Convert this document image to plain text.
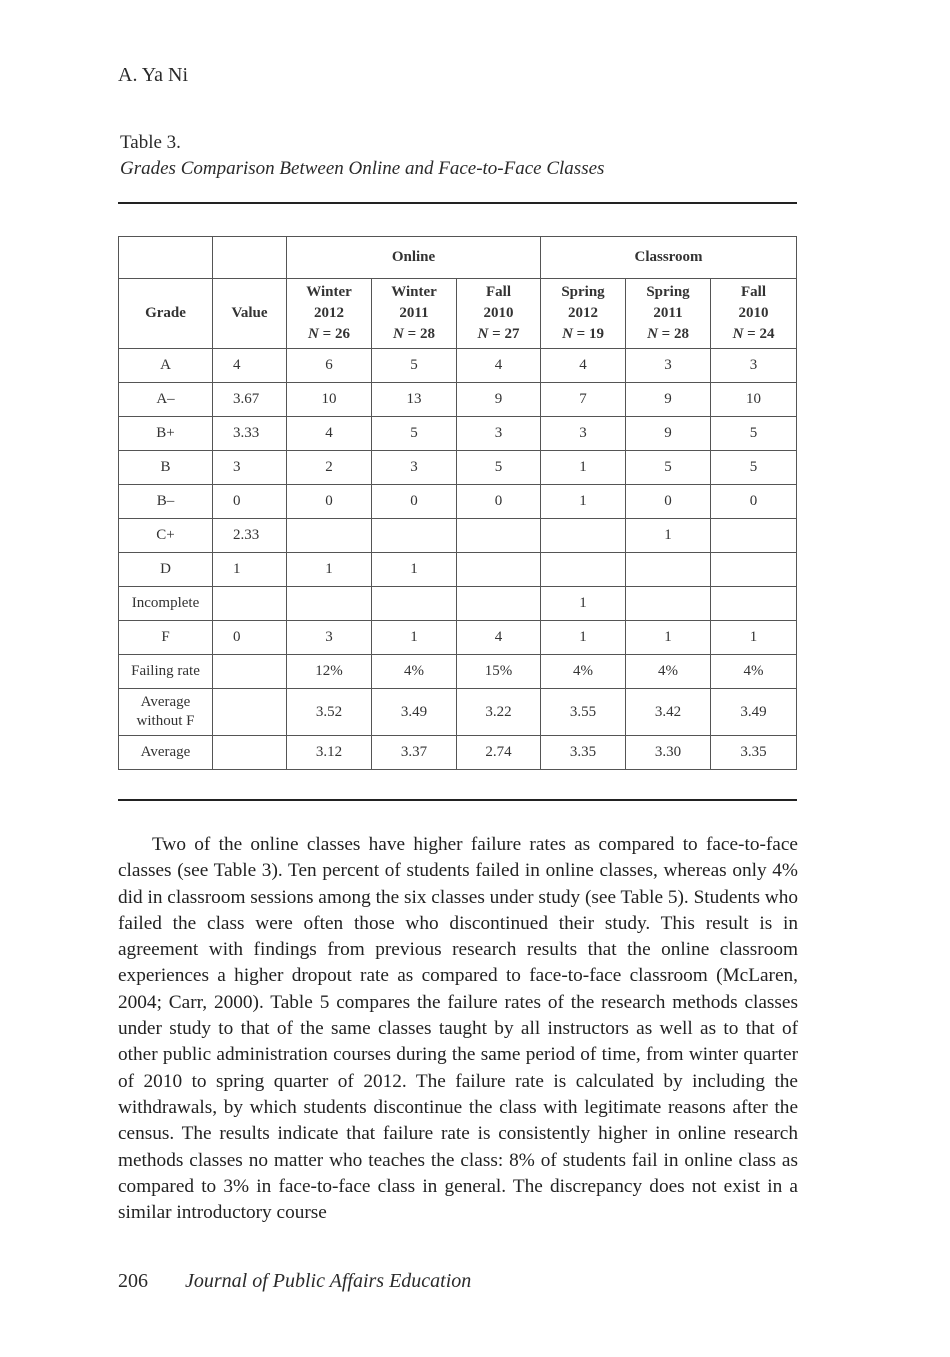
A. Ya Ni
Table 3.
Grades Comparison Between Online and Face-to-Face Classes
		Online			Classroom		
Grade	Value	Winter
2012
N = 26	Winter
2011
N = 28	Fall
2010
N = 27	Spring
2012
N = 19	Spring
2011
N = 28	Fall
2010
N = 24
A	4	6	5	4	4	3	3
A–	3.67	10	13	9	7	9	10
B+	3.33	4	5	3	3	9	5
B	3	2	3	5	1	5	5
B–	0	0	0	0	1	0	0
C+	2.33					1	
D	1	1	1				
Incomplete					1		
F	0	3	1	4	1	1	1
Failing rate		12%	4%	15%	4%	4%	4%
Average
without F		3.52	3.49	3.22	3.55	3.42	3.49
Average		3.12	3.37	2.74	3.35	3.30	3.35

Two of the online classes have higher failure rates as compared to face-to-face classes (see Table 3). Ten percent of students failed in online classes, whereas only 4% did in classroom sessions among the six classes under study (see Table 5). Students who failed the class were often those who discontinued their study. This result is in agreement with findings from previous research results that the online classroom experiences a higher dropout rate as compared to face-to-face classroom (McLaren, 2004; Carr, 2000). Table 5 compares the failure rates of the research methods classes under study to that of the same classes taught by all instructors as well as to that of other public administration courses during the same period of time, from winter quarter of 2010 to spring quarter of 2012. The failure rate is calculated by including the withdrawals, by which students discontinue the class with legitimate reasons after the census. The results indicate that failure rate is consistently higher in online research methods classes no matter who teaches the class: 8% of students fail in online class as compared to 3% in face-to-face class in general. The discrepancy does not exist in a similar introductory course

206 Journal of Public Affairs Education
